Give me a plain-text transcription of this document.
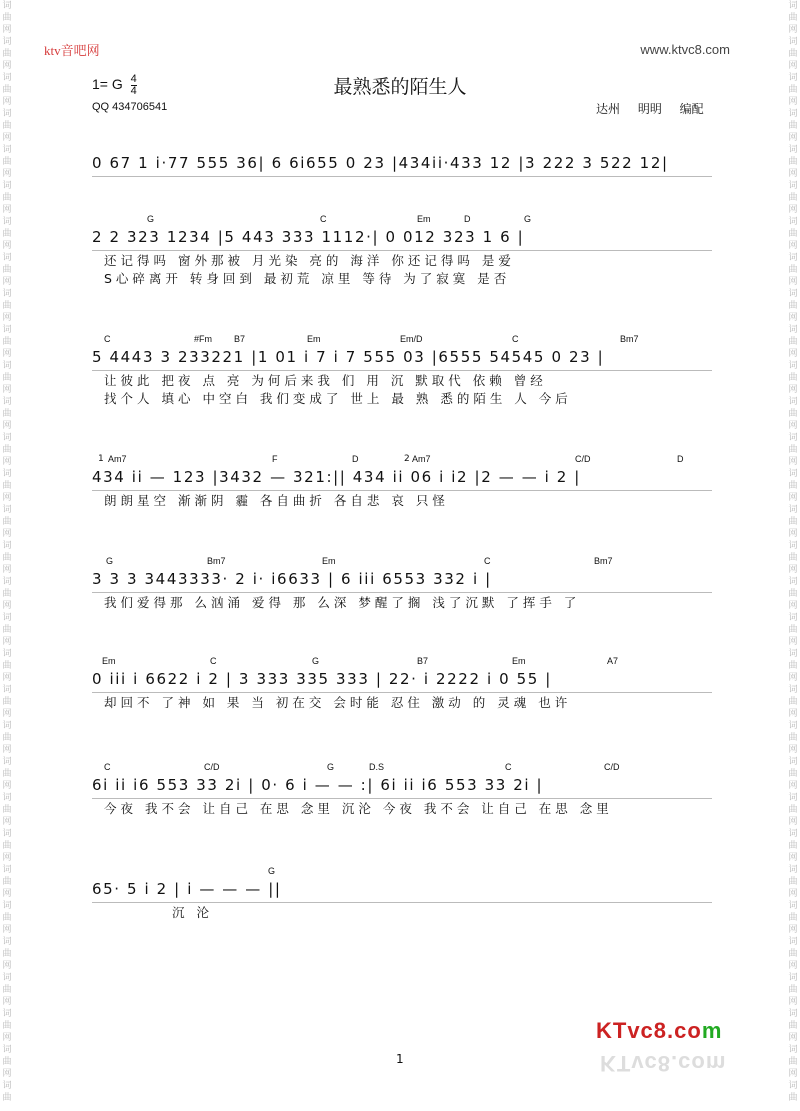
词
曲
网
词
曲
网
词
曲
网
词
曲
网
词
曲
网
词
曲
网
词
曲
网
词
曲
网
词
曲
网
词
曲
网
词
曲
网
词
曲
网
词
曲
网
词
曲
网
词
曲
网
词
曲
网
词
曲
网
词
曲
网
词
曲
网
词
曲
网
词
曲
网
词
曲
网
词
曲
网
词
曲
网
词
曲
网
词
曲
网
词
曲
网
词
曲
网
词
曲
网
词
曲
网
词
曲
词
曲
网
词
曲
网
词
曲
网
词
曲
网
词
曲
网
词
曲
网
词
曲
网
词
曲
网
词
曲
网
词
曲
网
词
曲
网
词
曲
网
词
曲
网
词
曲
网
词
曲
网
词
曲
网
词
曲
网
词
曲
网
词
曲
网
词
曲
网
词
曲
网
词
曲
网
词
曲
网
词
曲
网
词
曲
网
词
曲
网
词
曲
网
词
曲
网
词
曲
网
词
曲
网
词
曲
ktv音吧网	www.ktvc8.com
1= G $\frac{4}{4}$	最熟悉的陌生人
QQ 434706541	达州 明明 编配
0 67 1 i·77 555 36| 6 6i655 0 23 |434ii·433 12 |3 222 3 522 12|
G	C	Em	D	G
2 2 323 1234 |5 443 333 1112·| 0 012 323 1 6 |
还记得吗 窗外那被 月光染 亮的 海洋 你还记得吗 是爱
S心碎离开 转身回到 最初荒 凉里 等待 为了寂寞 是否
C	#Fm B7	Em	Em/D	C	Bm7
5 4443 3 233221 |1 01 i 7 i 7 555 03 |6555 54545 0 23 |
让彼此 把夜 点 亮 为何后来我 们 用 沉 默取代 依赖 曾经
找个人 填心 中空白 我们变成了 世上 最 熟 悉的陌生 人 今后
Am7	F	D	Am7	C/D	D
1	2
434 ii — 123 |3432 — 321:|| 434 ii 06 i i2 |2 — — i 2 |
朗朗星空 渐渐阴 霾 各自曲折 各自悲 哀 只怪
G	Bm7	Em	C	Bm7
3 3 3 3443333· 2 i· i6633 | 6 iii 6553 332 i |
我们爱得那 么汹涌 爱得 那 么深 梦醒了搁 浅了沉默 了挥手 了
Em	C	G	B7	Em	A7
0 iii i 6622 i 2 | 3 333 335 333 | 22· i 2222 i 0 55 |
却回不 了神 如 果 当 初在交 会时能 忍住 激动 的 灵魂 也许
C	C/D	G	D.S	C	C/D
6i ii i6 553 33 2i | 0· 6 i — — :| 6i ii i6 553 33 2i |
今夜 我不会 让自己 在思 念里 沉沦 今夜 我不会 让自己 在思 念里
G
65· 5 i 2 | i — — — ||
沉 沦
1
KTvc8.com
KTvc8.com
